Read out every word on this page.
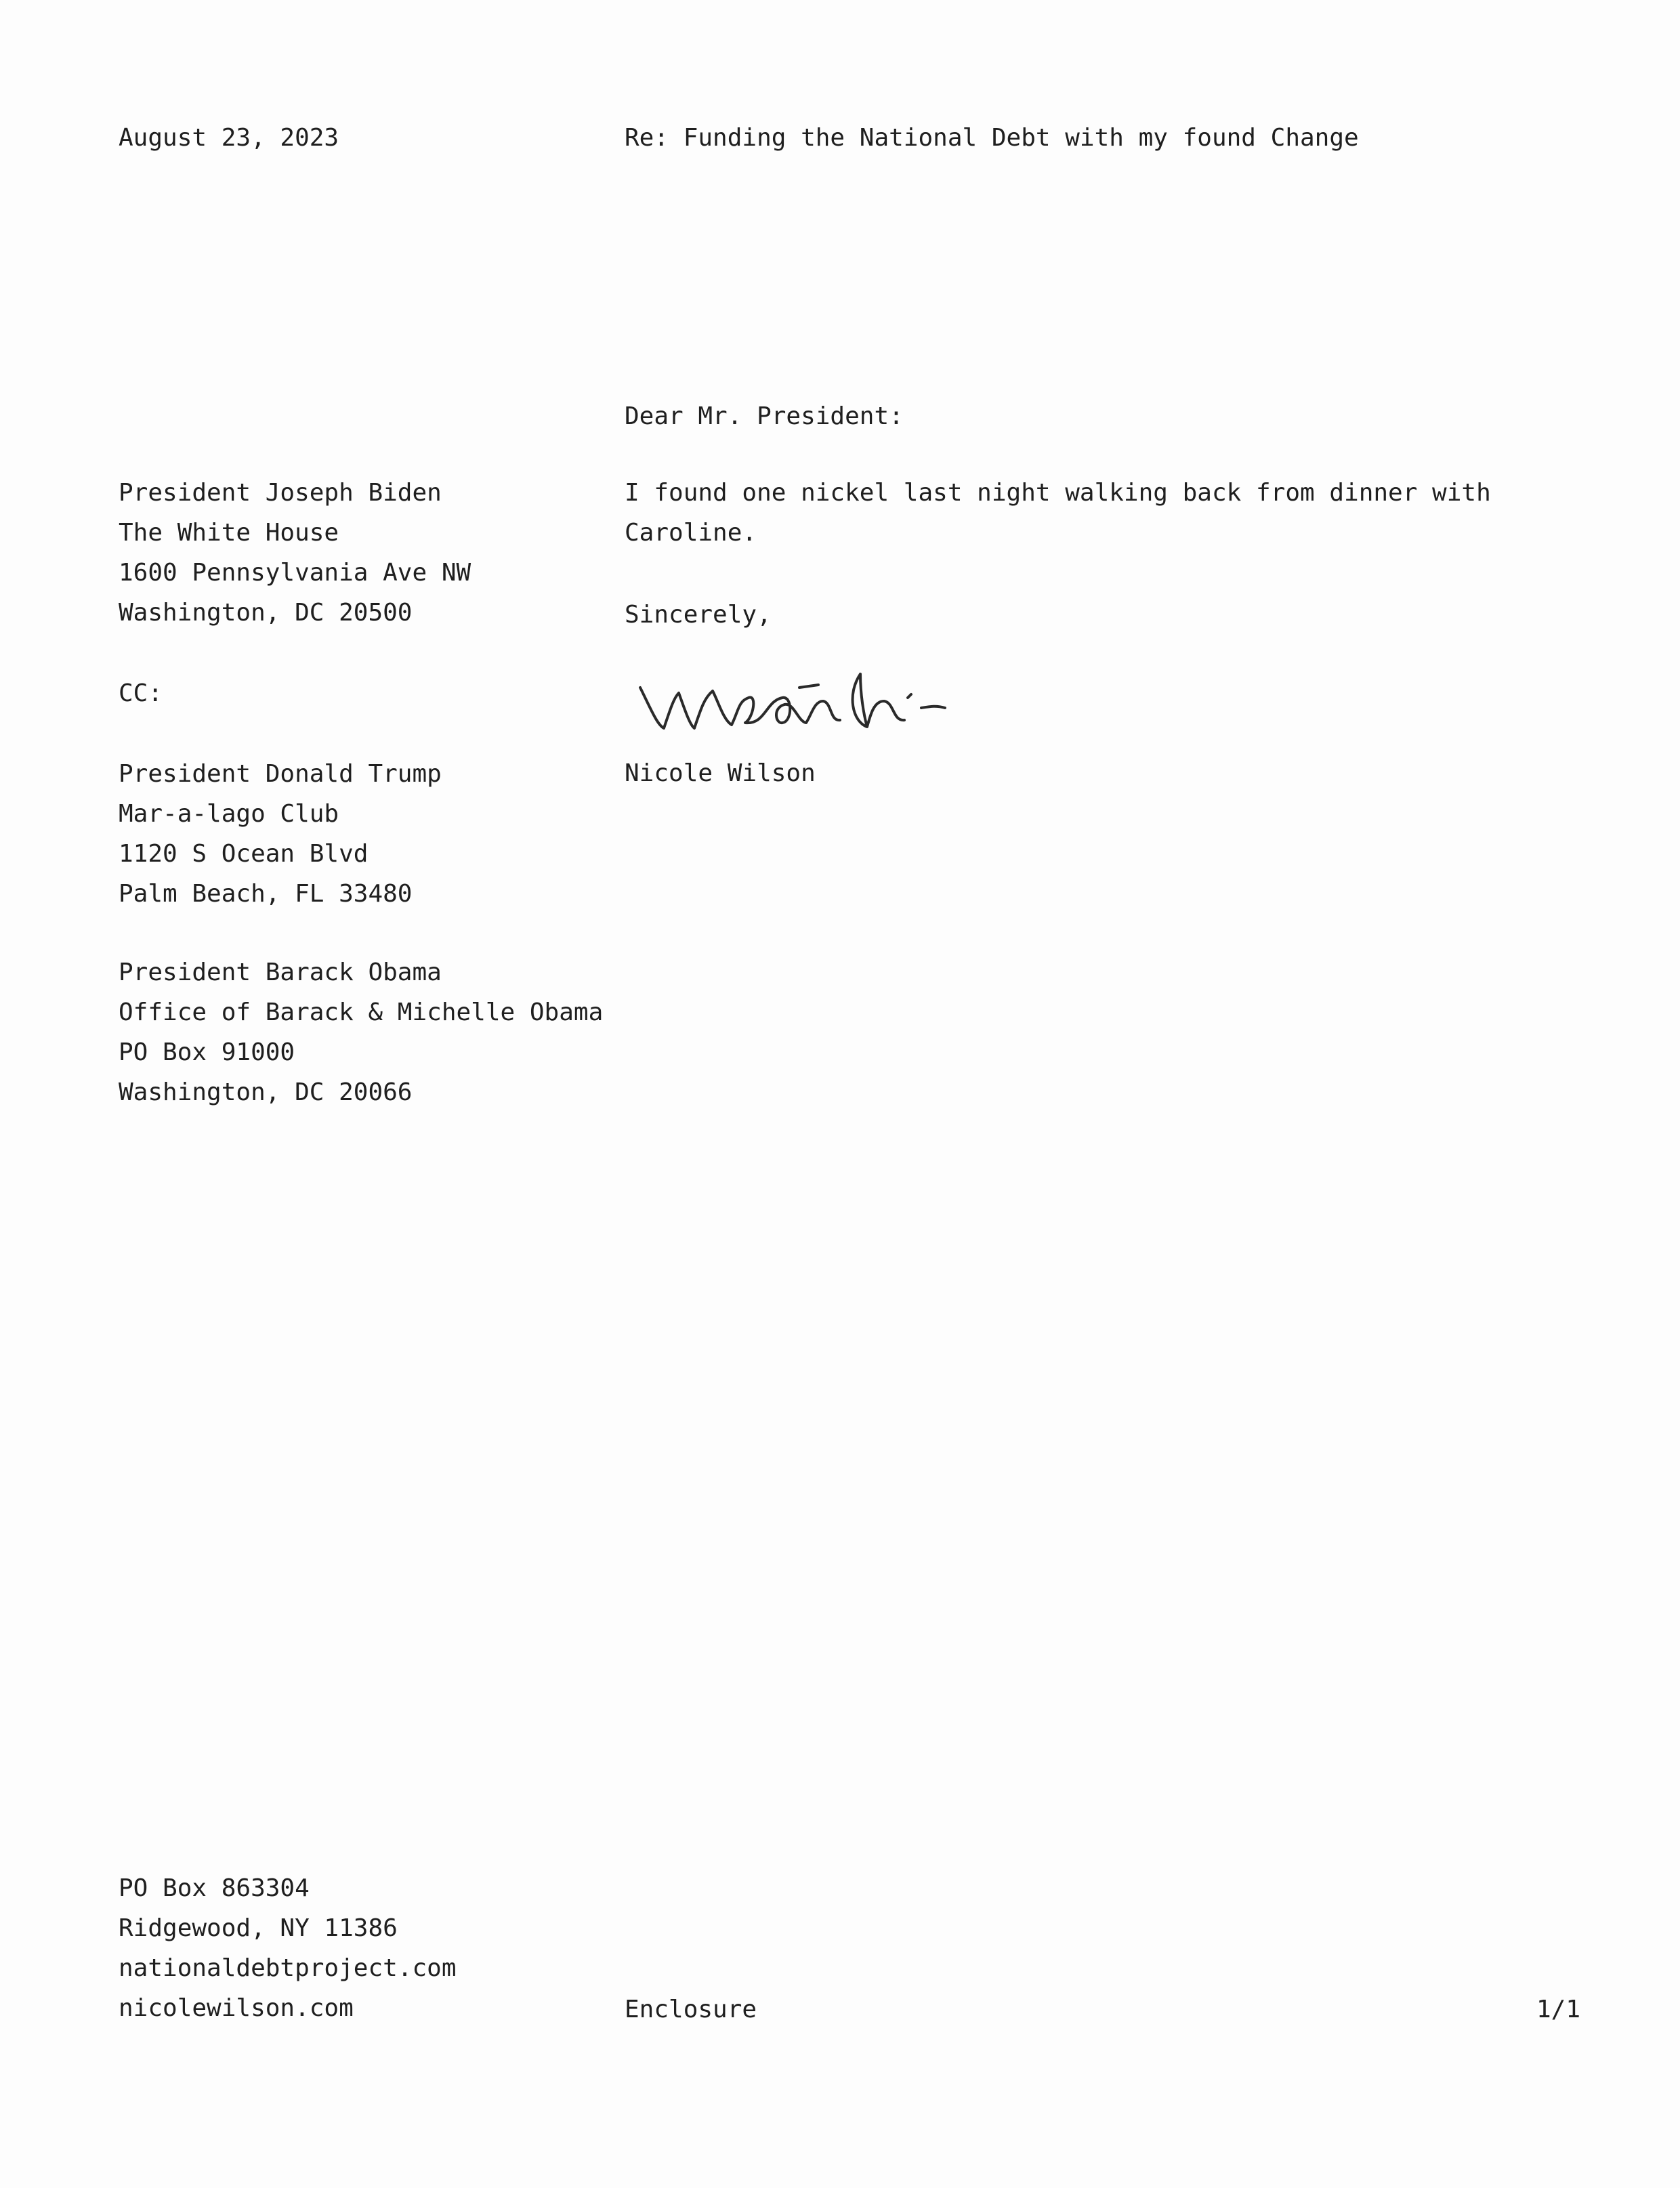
August 23, 2023	Re: Funding the National Debt with my found Change
Dear Mr. President:
President Joseph Biden
The White House
1600 Pennsylvania Ave NW
Washington, DC 20500
I found one nickel last night walking back from dinner with
Caroline.
Sincerely,
CC:
President Donald Trump
Mar-a-lago Club
1120 S Ocean Blvd
Palm Beach, FL 33480
Nicole Wilson
President Barack Obama
Office of Barack & Michelle Obama
PO Box 91000
Washington, DC 20066
PO Box 863304
Ridgewood, NY 11386
nationaldebtproject.com
nicolewilson.com	Enclosure	1/1
